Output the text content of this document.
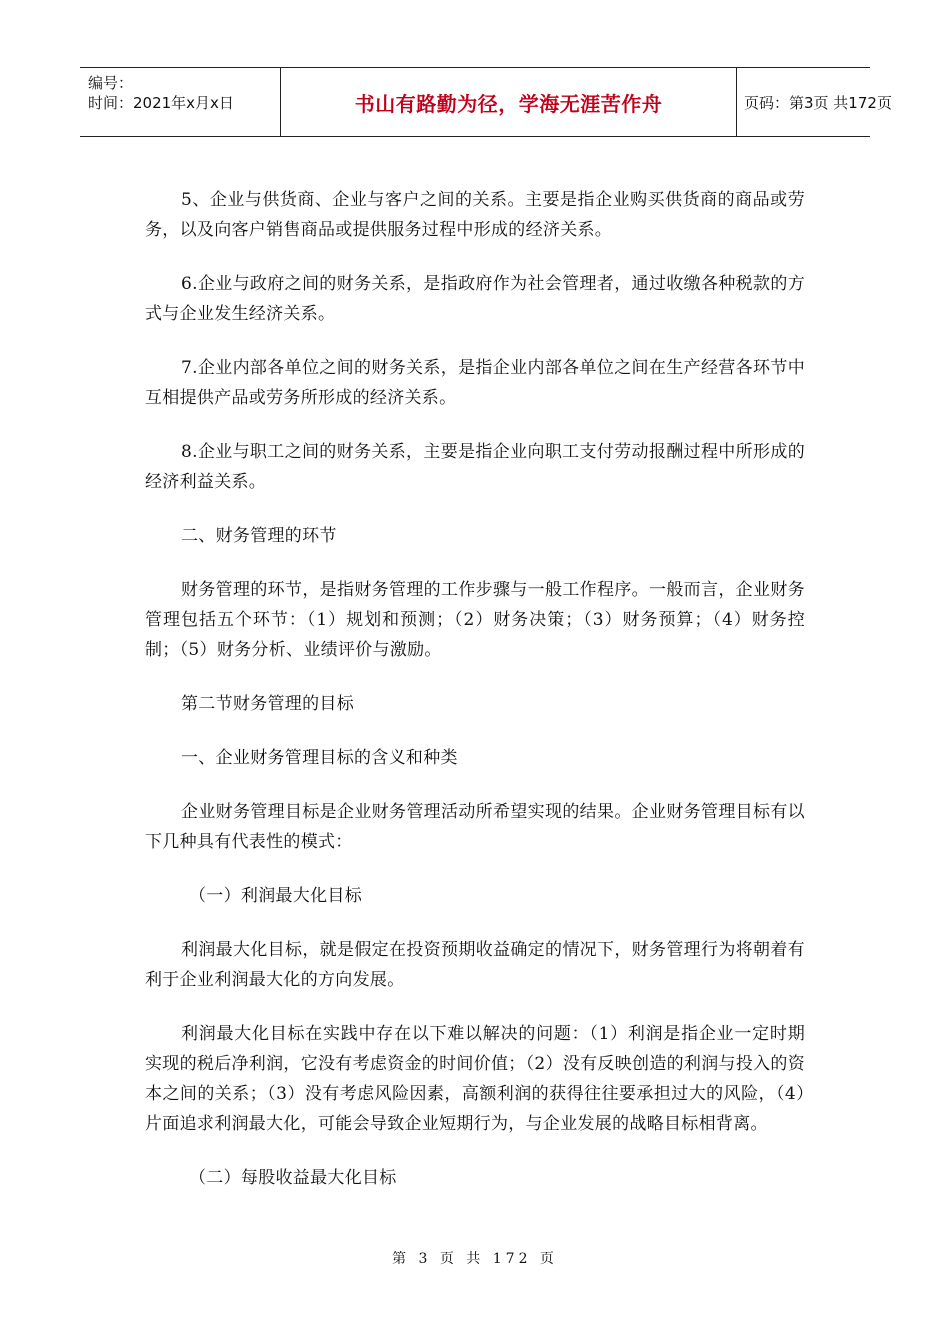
编号：
时间：2021年x月x日	书山有路勤为径，学海无涯苦作舟	页码：第3页 共172页

5、企业与供货商、企业与客户之间的关系。主要是指企业购买供货商的商品或劳务，以及向客户销售商品或提供服务过程中形成的经济关系。

6.企业与政府之间的财务关系，是指政府作为社会管理者，通过收缴各种税款的方式与企业发生经济关系。

7.企业内部各单位之间的财务关系，是指企业内部各单位之间在生产经营各环节中互相提供产品或劳务所形成的经济关系。

8.企业与职工之间的财务关系，主要是指企业向职工支付劳动报酬过程中所形成的经济利益关系。

二、财务管理的环节

财务管理的环节，是指财务管理的工作步骤与一般工作程序。一般而言，企业财务管理包括五个环节：（1）规划和预测；（2）财务决策；（3）财务预算；（4）财务控制；（5）财务分析、业绩评价与激励。

第二节财务管理的目标

一、企业财务管理目标的含义和种类

企业财务管理目标是企业财务管理活动所希望实现的结果。企业财务管理目标有以下几种具有代表性的模式：

（一）利润最大化目标

利润最大化目标，就是假定在投资预期收益确定的情况下，财务管理行为将朝着有利于企业利润最大化的方向发展。

利润最大化目标在实践中存在以下难以解决的问题：（1）利润是指企业一定时期实现的税后净利润，它没有考虑资金的时间价值；（2）没有反映创造的利润与投入的资本之间的关系；（3）没有考虑风险因素，高额利润的获得往往要承担过大的风险，（4）片面追求利润最大化，可能会导致企业短期行为，与企业发展的战略目标相背离。

（二）每股收益最大化目标

第 3 页 共 172 页
